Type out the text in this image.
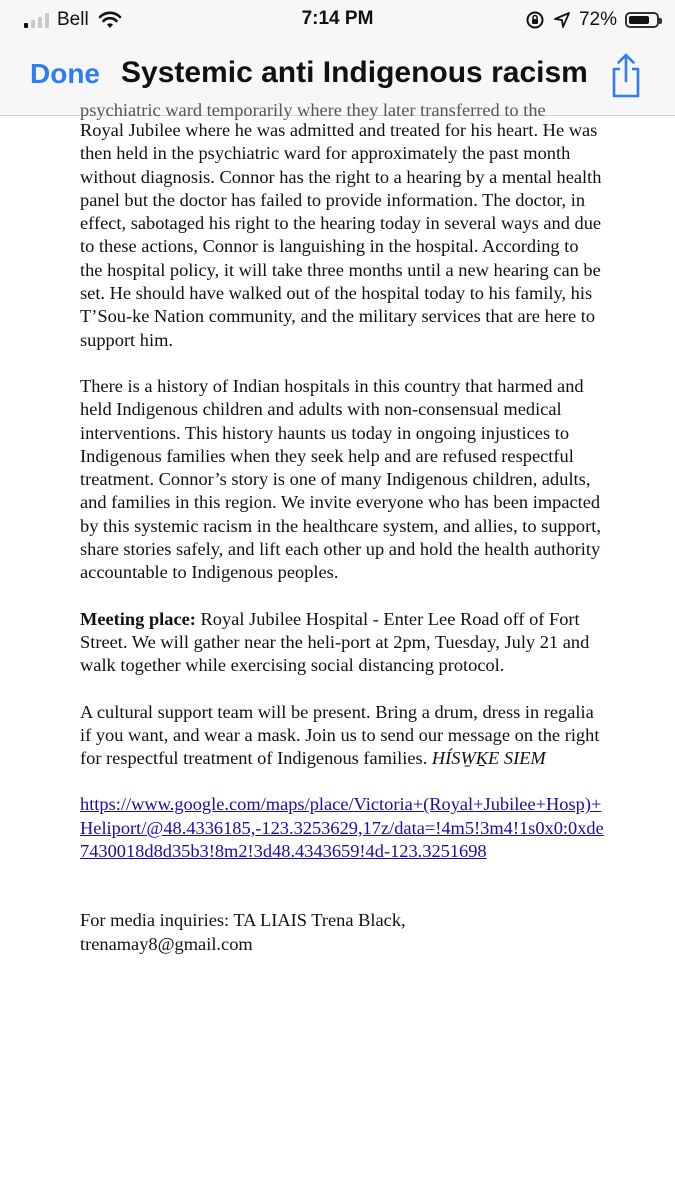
Bell	7:14 PM	72%
Done Systemic anti Indigenous racism
psychiatric ward temporarily where they later transferred to the

Royal Jubilee where he was admitted and treated for his heart. He was then held in the psychiatric ward for approximately the past month without diagnosis. Connor has the right to a hearing by a mental health panel but the doctor has failed to provide information. The doctor, in effect, sabotaged his right to the hearing today in several ways and due to these actions, Connor is languishing in the hospital. According to the hospital policy, it will take three months until a new hearing can be set. He should have walked out of the hospital today to his family, his T’Sou-ke Nation community, and the military services that are here to support him.

There is a history of Indian hospitals in this country that harmed and held Indigenous children and adults with non-consensual medical interventions. This history haunts us today in ongoing injustices to Indigenous families when they seek help and are refused respectful treatment. Connor’s story is one of many Indigenous children, adults, and families in this region. We invite everyone who has been impacted by this systemic racism in the healthcare system, and allies, to support, share stories safely, and lift each other up and hold the health authority accountable to Indigenous peoples.

Meeting place: Royal Jubilee Hospital - Enter Lee Road off of Fort Street. We will gather near the heli-port at 2pm, Tuesday, July 21 and walk together while exercising social distancing protocol.

A cultural support team will be present. Bring a drum, dress in regalia if you want, and wear a mask. Join us to send our message on the right for respectful treatment of Indigenous families. HÍSW̱ḴE SIEM

https://www.google.com/maps/place/Victoria+(Royal+Jubilee+Hosp)+Heliport/@48.4336185,-123.3253629,17z/data=!4m5!3m4!1s0x0:0xde7430018d8d35b3!8m2!3d48.4343659!4d-123.3251698

For media inquiries: TA LIAIS Trena Black,
trenamay8@gmail.com
